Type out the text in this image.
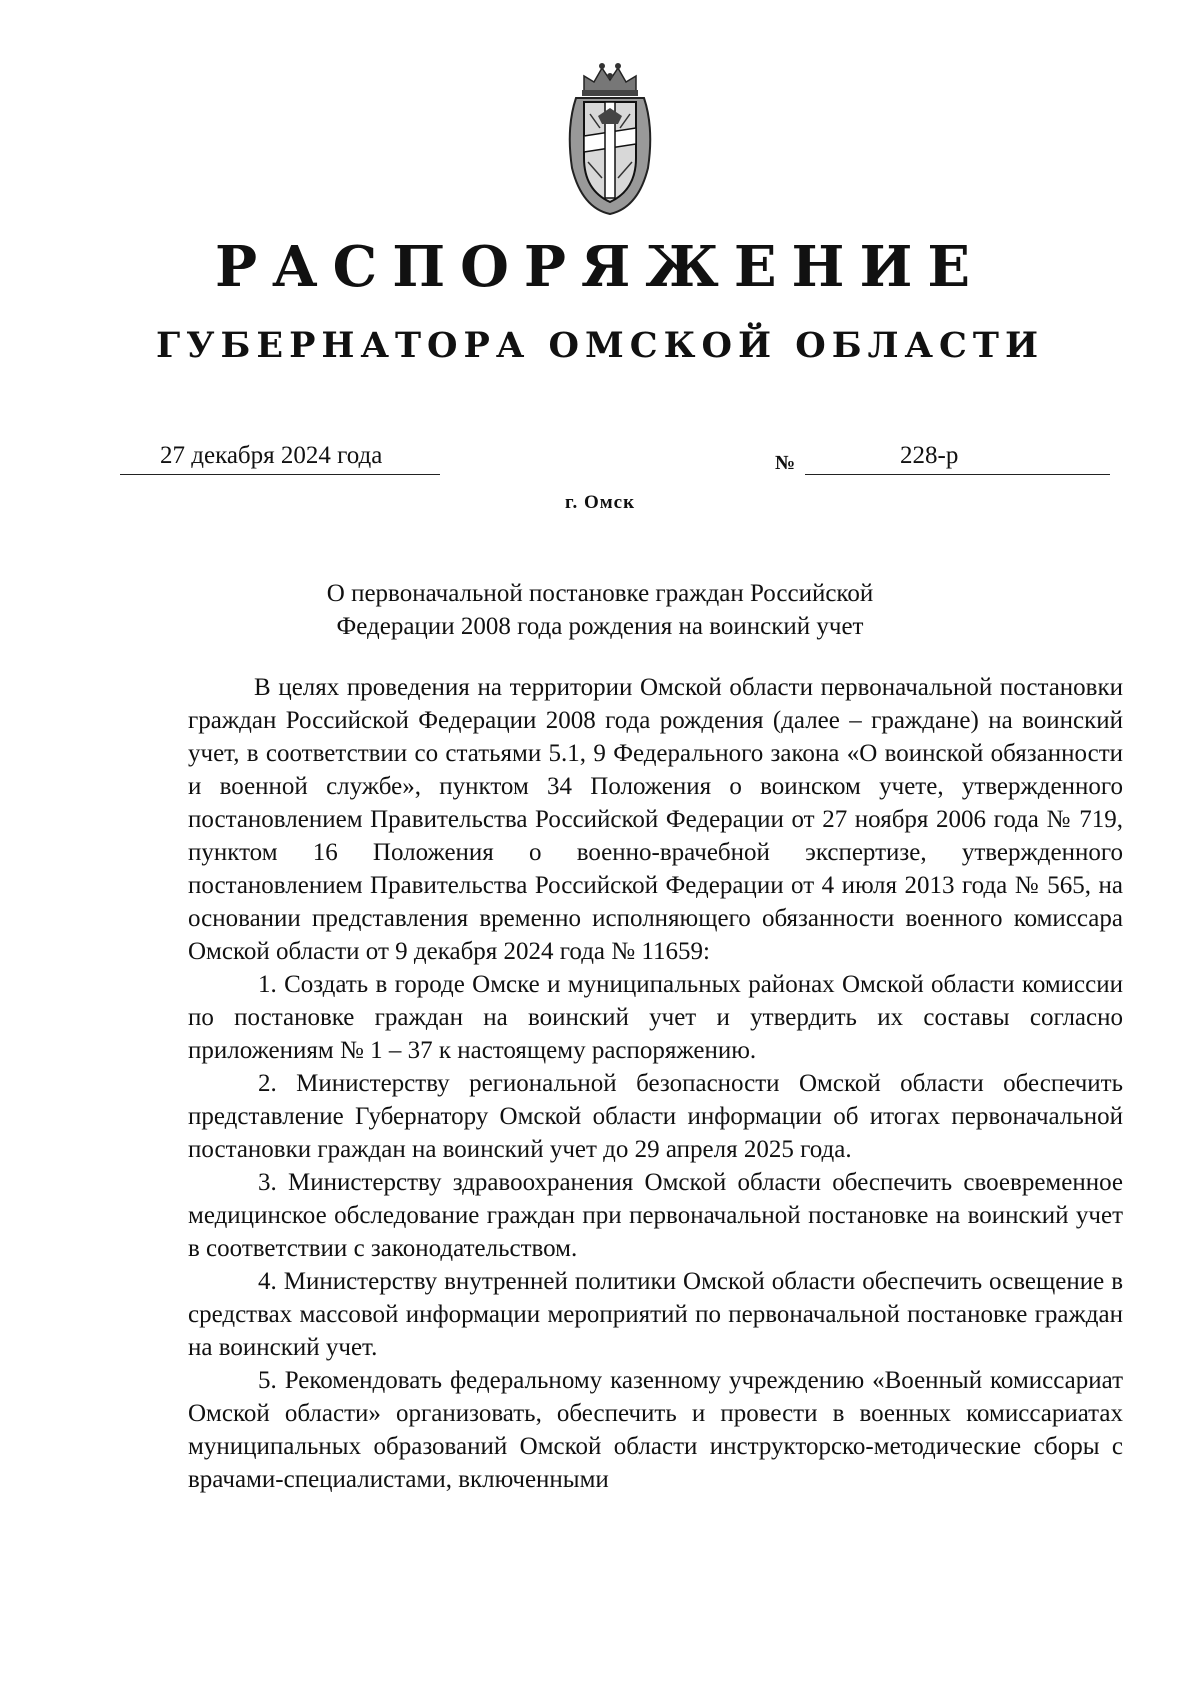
РАСПОРЯЖЕНИЕ
ГУБЕРНАТОРА ОМСКОЙ ОБЛАСТИ
27 декабря 2024 года	№	228-р
г. Омск
О первоначальной постановке граждан Российской
Федерации 2008 года рождения на воинский учет

В целях проведения на территории Омской области первоначальной постановки граждан Российской Федерации 2008 года рождения (далее – граждане) на воинский учет, в соответствии со статьями 5.1, 9 Федерального закона «О воинской обязанности и военной службе», пунктом 34 Положения о воинском учете, утвержденного постановлением Правительства Российской Федерации от 27 ноября 2006 года № 719, пунктом 16 Положения о военно-врачебной экспертизе, утвержденного постановлением Правительства Российской Федерации от 4 июля 2013 года № 565, на основании представления временно исполняющего обязанности военного комиссара Омской области от 9 декабря 2024 года № 11659:

1. Создать в городе Омске и муниципальных районах Омской области комиссии по постановке граждан на воинский учет и утвердить их составы согласно приложениям № 1 – 37 к настоящему распоряжению.

2. Министерству региональной безопасности Омской области обеспечить представление Губернатору Омской области информации об итогах первоначальной постановки граждан на воинский учет до 29 апреля 2025 года.

3. Министерству здравоохранения Омской области обеспечить своевременное медицинское обследование граждан при первоначальной постановке на воинский учет в соответствии с законодательством.

4. Министерству внутренней политики Омской области обеспечить освещение в средствах массовой информации мероприятий по первоначальной постановке граждан на воинский учет.

5. Рекомендовать федеральному казенному учреждению «Военный комиссариат Омской области» организовать, обеспечить и провести в военных комиссариатах муниципальных образований Омской области инструкторско-методические сборы с врачами-специалистами, включенными
